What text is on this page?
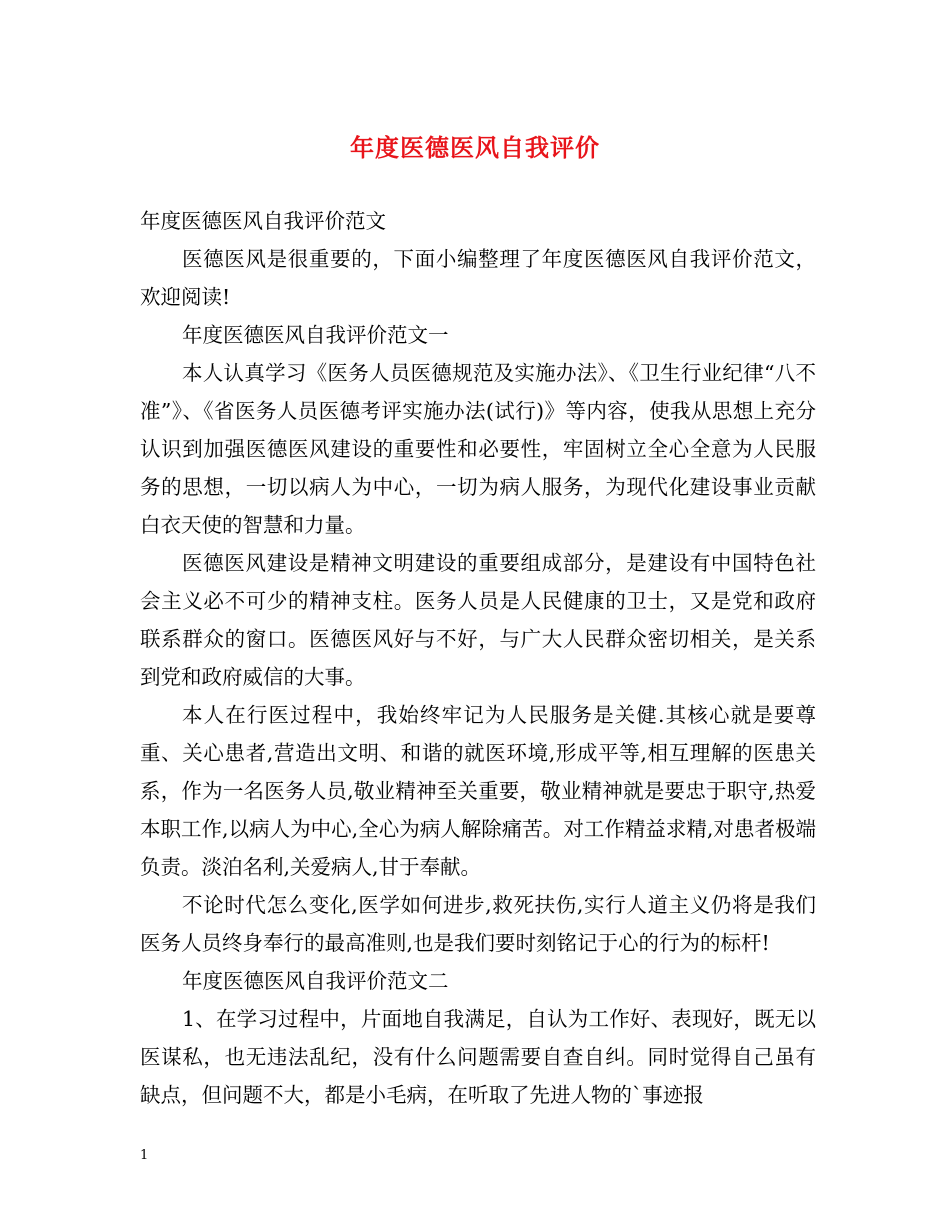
年度医德医风自我评价

年度医德医风自我评价范文

医德医风是很重要的，下面小编整理了年度医德医风自我评价范文，欢迎阅读!

年度医德医风自我评价范文一

本人认真学习《医务人员医德规范及实施办法》、《卫生行业纪律“八不准”》、《省医务人员医德考评实施办法(试行)》等内容，使我从思想上充分认识到加强医德医风建设的重要性和必要性，牢固树立全心全意为人民服务的思想，一切以病人为中心，一切为病人服务，为现代化建设事业贡献白衣天使的智慧和力量。

医德医风建设是精神文明建设的重要组成部分，是建设有中国特色社会主义必不可少的精神支柱。医务人员是人民健康的卫士，又是党和政府联系群众的窗口。医德医风好与不好，与广大人民群众密切相关，是关系到党和政府威信的大事。

本人在行医过程中，我始终牢记为人民服务是关健.其核心就是要尊重、关心患者,营造出文明、和谐的就医环境,形成平等,相互理解的医患关系，作为一名医务人员,敬业精神至关重要，敬业精神就是要忠于职守,热爱本职工作,以病人为中心,全心为病人解除痛苦。对工作精益求精,对患者极端负责。淡泊名利,关爱病人,甘于奉献。

不论时代怎么变化,医学如何进步,救死扶伤,实行人道主义仍将是我们医务人员终身奉行的最高准则,也是我们要时刻铭记于心的行为的标杆!

年度医德医风自我评价范文二

1、在学习过程中，片面地自我满足，自认为工作好、表现好，既无以医谋私，也无违法乱纪，没有什么问题需要自查自纠。同时觉得自己虽有缺点，但问题不大，都是小毛病，在听取了先进人物的`事迹报

1
